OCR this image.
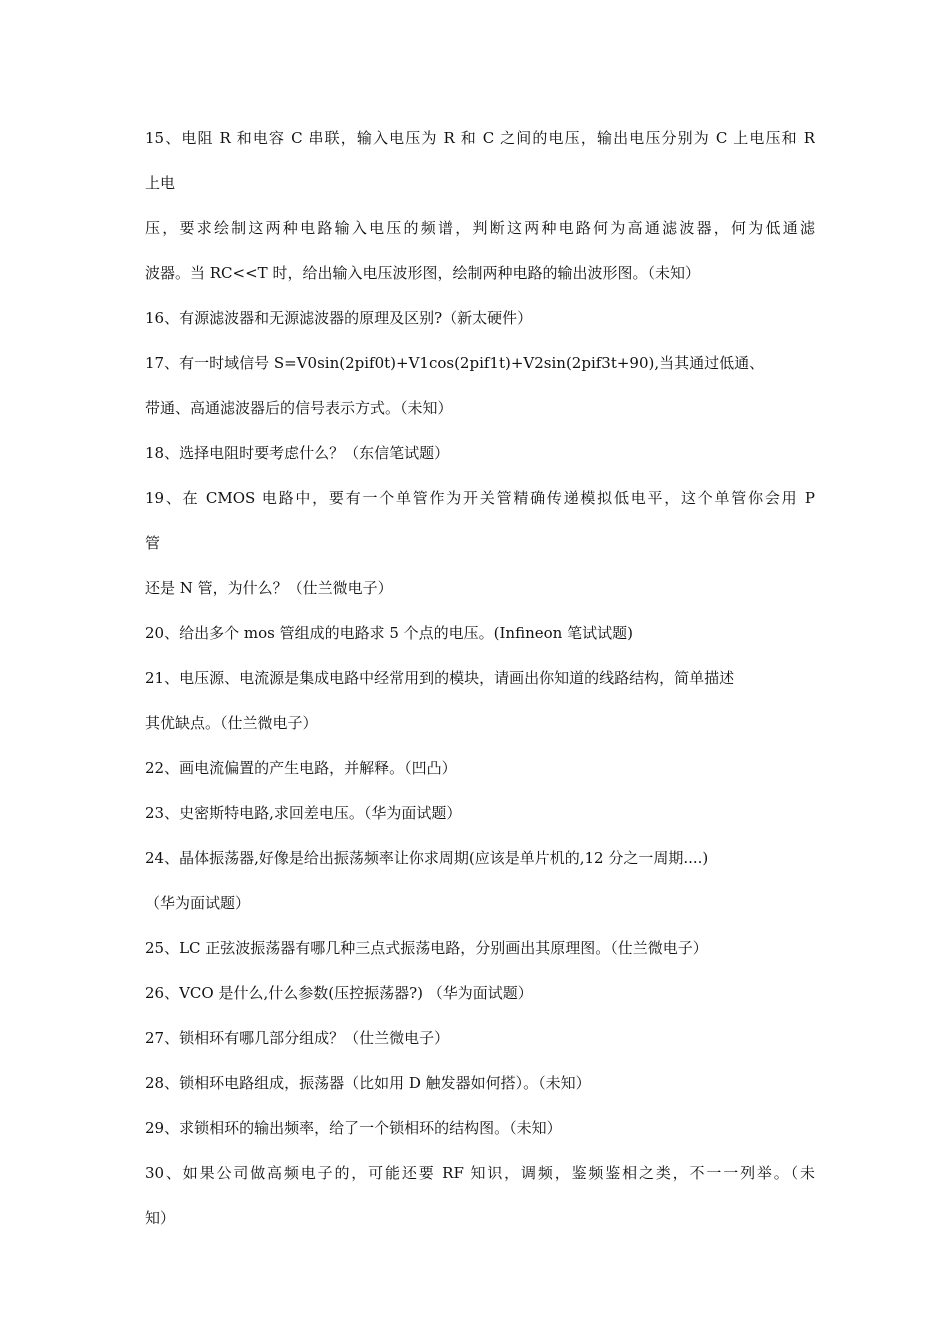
15、电阻 R 和电容 C 串联，输入电压为 R 和 C 之间的电压，输出电压分别为 C 上电压和 R
上电
压，要求绘制这两种电路输入电压的频谱，判断这两种电路何为高通滤波器，何为低通滤
波器。当 RC<<T 时，给出输入电压波形图，绘制两种电路的输出波形图。（未知）
16、有源滤波器和无源滤波器的原理及区别?（新太硬件）
17、有一时域信号 S=V0sin(2pif0t)+V1cos(2pif1t)+V2sin(2pif3t+90),当其通过低通、
带通、高通滤波器后的信号表示方式。（未知）
18、选择电阻时要考虑什么？（东信笔试题）
19、在 CMOS 电路中，要有一个单管作为开关管精确传递模拟低电平，这个单管你会用 P
管
还是 N 管，为什么？（仕兰微电子）
20、给出多个 mos 管组成的电路求 5 个点的电压。(Infineon 笔试试题)
21、电压源、电流源是集成电路中经常用到的模块，请画出你知道的线路结构，简单描述
其优缺点。（仕兰微电子）
22、画电流偏置的产生电路，并解释。（凹凸）
23、史密斯特电路,求回差电压。（华为面试题）
24、晶体振荡器,好像是给出振荡频率让你求周期(应该是单片机的,12 分之一周期....)
（华为面试题）
25、LC 正弦波振荡器有哪几种三点式振荡电路，分别画出其原理图。（仕兰微电子）
26、VCO 是什么,什么参数(压控振荡器?) （华为面试题）
27、锁相环有哪几部分组成？（仕兰微电子）
28、锁相环电路组成，振荡器（比如用 D 触发器如何搭）。（未知）
29、求锁相环的输出频率，给了一个锁相环的结构图。（未知）
30、如果公司做高频电子的，可能还要 RF 知识，调频，鉴频鉴相之类，不一一列举。（未
知）
